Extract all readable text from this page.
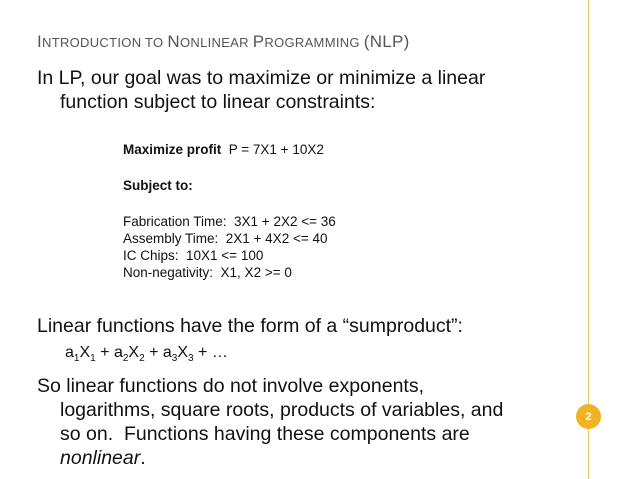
INTRODUCTION TO NONLINEAR PROGRAMMING (NLP)
In LP, our goal was to maximize or minimize a linear
function subject to linear constraints:
Maximize profit  P = 7X1 + 10X2
Subject to:
Fabrication Time:  3X1 + 2X2 <= 36
Assembly Time:  2X1 + 4X2 <= 40
IC Chips:  10X1 <= 100
Non-negativity:  X1, X2 >= 0
Linear functions have the form of a “sumproduct”:
$a_1X_1 + a_2X_2 + a_3X_3$ + …
So linear functions do not involve exponents,
logarithms, square roots, products of variables, and
so on.  Functions having these components are
nonlinear.
2
